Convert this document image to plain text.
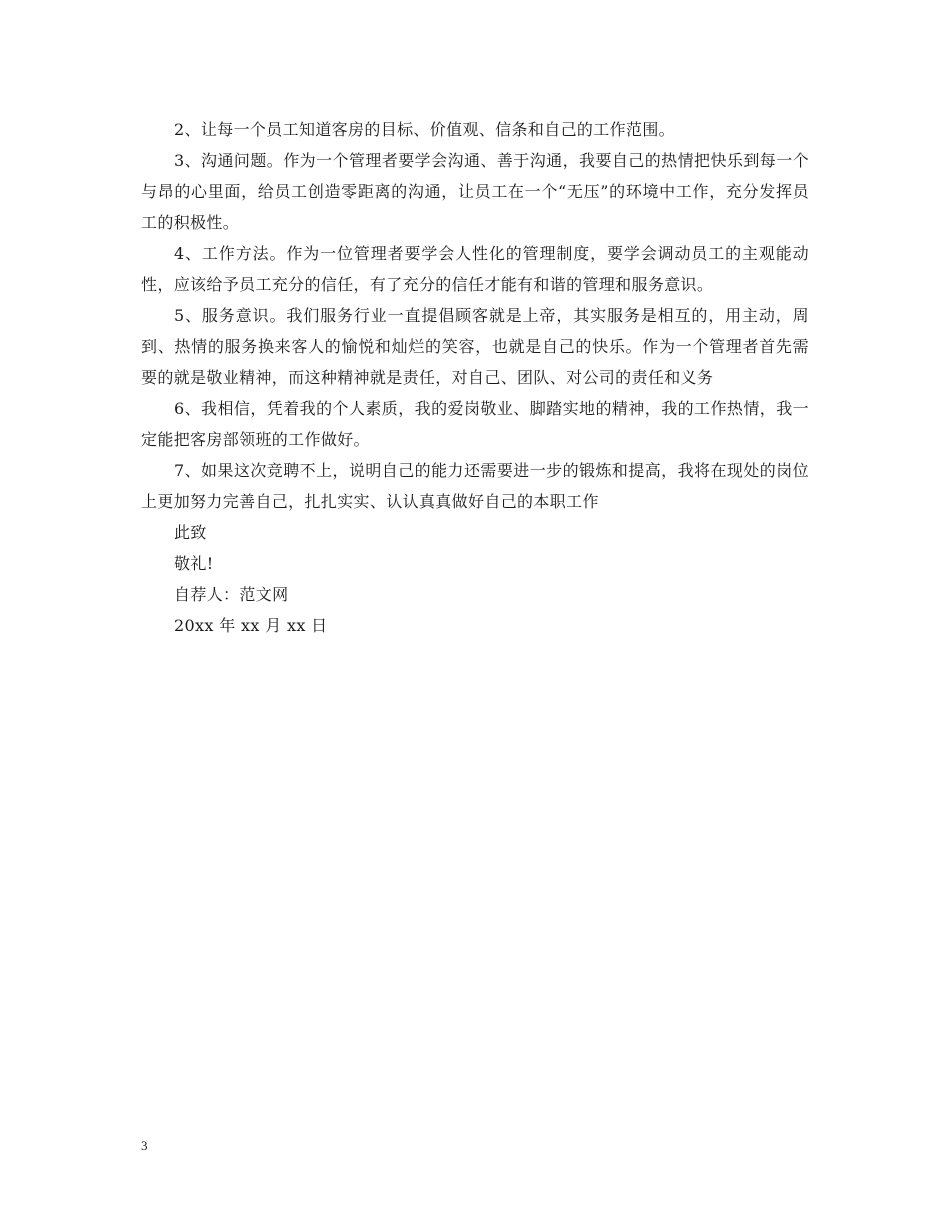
2、让每一个员工知道客房的目标、价值观、信条和自己的工作范围。

3、沟通问题。作为一个管理者要学会沟通、善于沟通，我要自己的热情把快乐到每一个与昂的心里面，给员工创造零距离的沟通，让员工在一个“无压”的环境中工作，充分发挥员工的积极性。

4、工作方法。作为一位管理者要学会人性化的管理制度，要学会调动员工的主观能动性，应该给予员工充分的信任，有了充分的信任才能有和谐的管理和服务意识。

5、服务意识。我们服务行业一直提倡顾客就是上帝，其实服务是相互的，用主动，周到、热情的服务换来客人的愉悦和灿烂的笑容，也就是自己的快乐。作为一个管理者首先需要的就是敬业精神，而这种精神就是责任，对自己、团队、对公司的责任和义务

6、我相信，凭着我的个人素质，我的爱岗敬业、脚踏实地的精神，我的工作热情，我一定能把客房部领班的工作做好。

7、如果这次竞聘不上，说明自己的能力还需要进一步的锻炼和提高，我将在现处的岗位上更加努力完善自己，扎扎实实、认认真真做好自己的本职工作

此致

敬礼!

自荐人：范文网

20xx 年 xx 月 xx 日

3
